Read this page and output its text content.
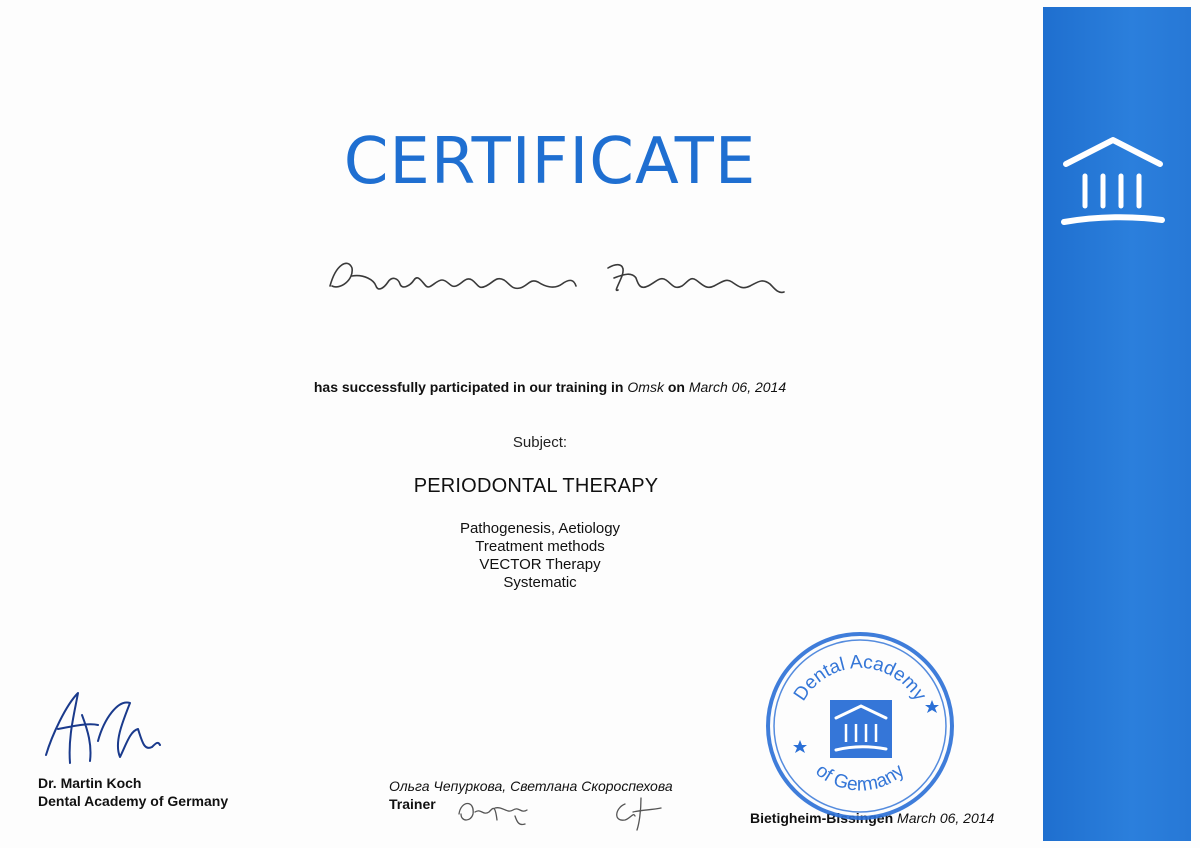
CERTIFICATE
has successfully participated in our training in Omsk on March 06, 2014
Subject:
PERIODONTAL THERAPY
Pathogenesis, Aetiology
Treatment methods
VECTOR Therapy
Systematic
Dr. Martin Koch
Dental Academy of Germany
Ольга Чепуркова, Светлана Скороспехова
Trainer
Bietigheim-Bissingen March 06, 2014
Dental Academy
of Germany
